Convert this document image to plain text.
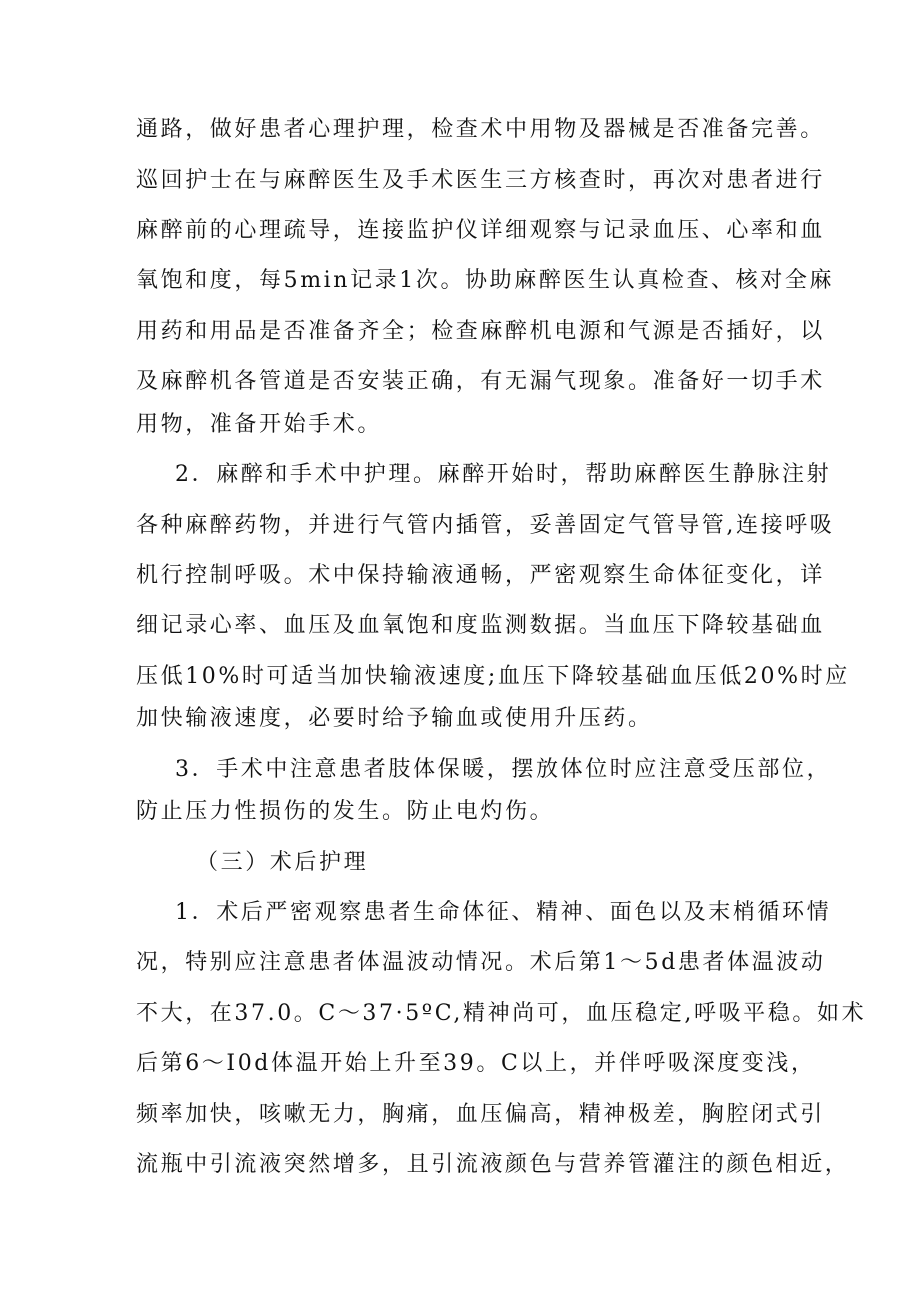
通路，做好患者心理护理，检查术中用物及器械是否准备完善。

巡回护士在与麻醉医生及手术医生三方核查时，再次对患者进行

麻醉前的心理疏导，连接监护仪详细观察与记录血压、心率和血

氧饱和度，每5min记录1次。协助麻醉医生认真检查、核对全麻

用药和用品是否准备齐全；检查麻醉机电源和气源是否插好，以

及麻醉机各管道是否安装正确，有无漏气现象。准备好一切手术

用物，准备开始手术。

2．麻醉和手术中护理。麻醉开始时，帮助麻醉医生静脉注射

各种麻醉药物，并进行气管内插管，妥善固定气管导管,连接呼吸

机行控制呼吸。术中保持输液通畅，严密观察生命体征变化，详

细记录心率、血压及血氧饱和度监测数据。当血压下降较基础血

压低10%时可适当加快输液速度;血压下降较基础血压低20%时应

加快输液速度，必要时给予输血或使用升压药。

3．手术中注意患者肢体保暖，摆放体位时应注意受压部位，

防止压力性损伤的发生。防止电灼伤。

（三）术后护理

1．术后严密观察患者生命体征、精神、面色以及末梢循环情

况，特别应注意患者体温波动情况。术后第1～5d患者体温波动

不大，在37.0。C～37·5ºC,精神尚可，血压稳定,呼吸平稳。如术

后第6～I0d体温开始上升至39。C以上，并伴呼吸深度变浅，

频率加快，咳嗽无力，胸痛，血压偏高，精神极差，胸腔闭式引

流瓶中引流液突然增多，且引流液颜色与营养管灌注的颜色相近，
